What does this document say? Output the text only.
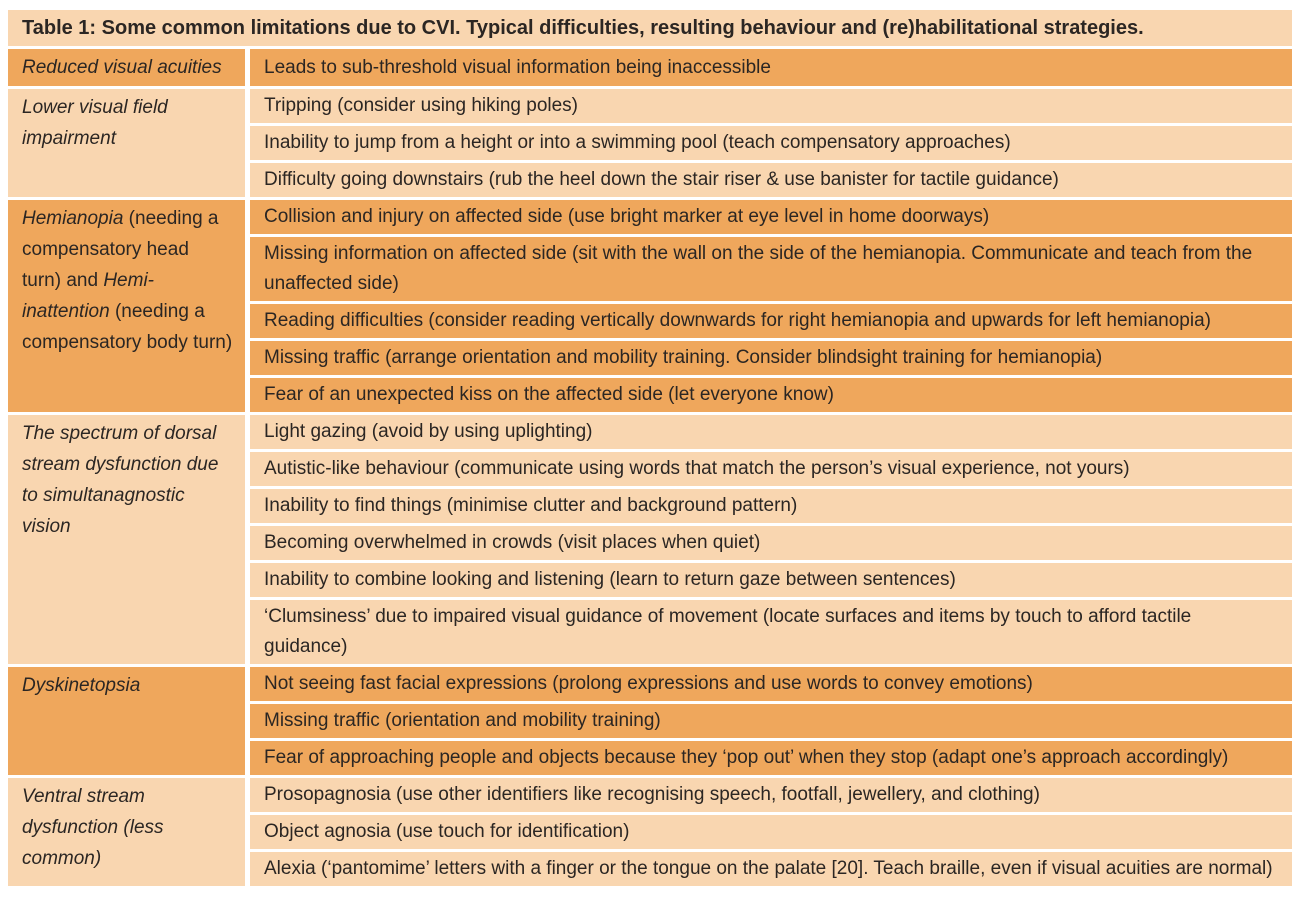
Table 1: Some common limitations due to CVI. Typical difficulties, resulting behaviour and (re)habilitational strategies.
Reduced visual acuities	Leads to sub-threshold visual information being inaccessible
Lower visual field impairment
Tripping (consider using hiking poles)
Inability to jump from a height or into a swimming pool (teach compensatory approaches)
Difficulty going downstairs (rub the heel down the stair riser & use banister for tactile guidance)
Hemianopia (needing a compensatory head turn) and Hemi-inattention (needing a compensatory body turn)
Collision and injury on affected side (use bright marker at eye level in home doorways)
Missing information on affected side (sit with the wall on the side of the hemianopia. Communicate and teach from the unaffected side)
Reading difficulties (consider reading vertically downwards for right hemianopia and upwards for left hemianopia)
Missing traffic (arrange orientation and mobility training. Consider blindsight training for hemianopia)
Fear of an unexpected kiss on the affected side (let everyone know)
The spectrum of dorsal stream dysfunction due to simultanagnostic vision
Light gazing (avoid by using uplighting)
Autistic-like behaviour (communicate using words that match the person’s visual experience, not yours)
Inability to find things (minimise clutter and background pattern)
Becoming overwhelmed in crowds (visit places when quiet)
Inability to combine looking and listening (learn to return gaze between sentences)
‘Clumsiness’ due to impaired visual guidance of movement (locate surfaces and items by touch to afford tactile guidance)
Dyskinetopsia	Not seeing fast facial expressions (prolong expressions and use words to convey emotions)
Missing traffic (orientation and mobility training)
Fear of approaching people and objects because they ‘pop out’ when they stop (adapt one’s approach accordingly)
Ventral stream dysfunction (less common)
Prosopagnosia (use other identifiers like recognising speech, footfall, jewellery, and clothing)
Object agnosia (use touch for identification)
Alexia (‘pantomime’ letters with a finger or the tongue on the palate [20]. Teach braille, even if visual acuities are normal)
